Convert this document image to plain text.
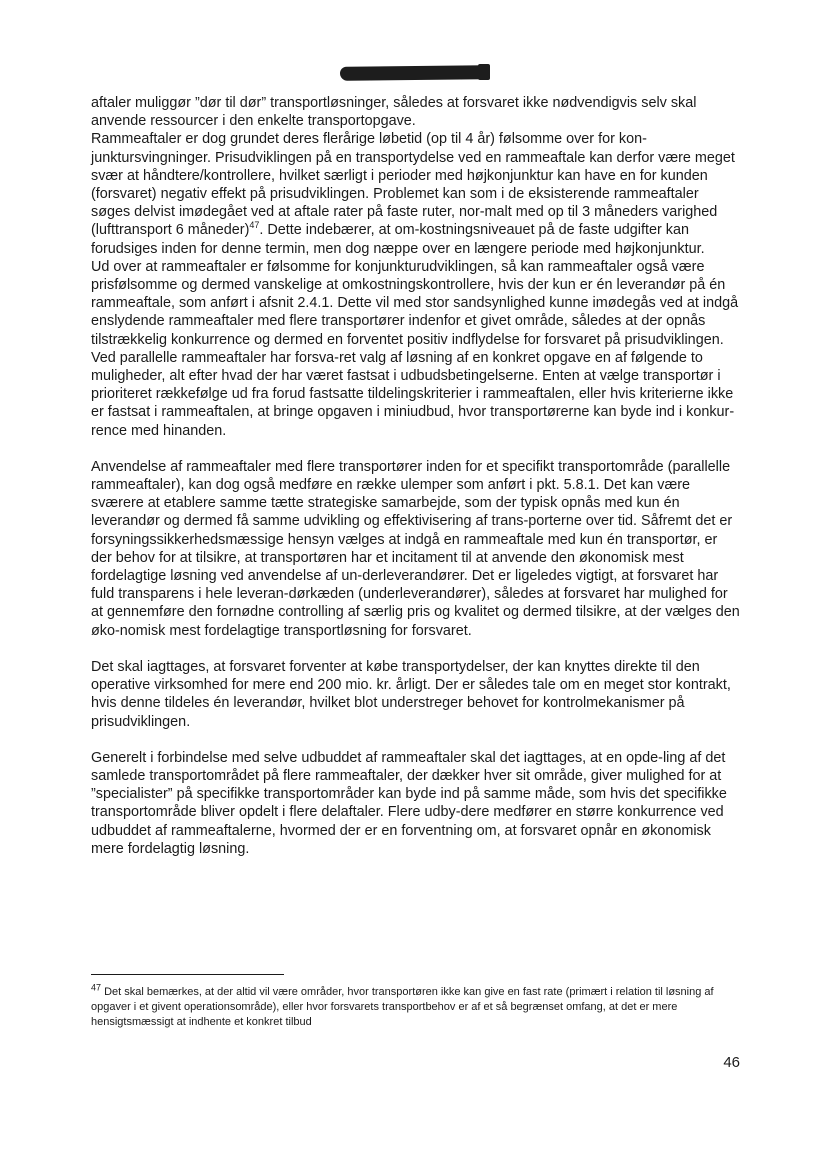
aftaler muliggør ”dør til dør” transportløsninger, således at forsvaret ikke nødvendigvis selv skal anvende ressourcer i den enkelte transportopgave.
Rammeaftaler er dog grundet deres flerårige løbetid (op til 4 år) følsomme over for kon-junktursvingninger. Prisudviklingen på en transportydelse ved en rammeaftale kan derfor være meget svær at håndtere/kontrollere, hvilket særligt i perioder med højkonjunktur kan have en for kunden (forsvaret) negativ effekt på prisudviklingen. Problemet kan som i de eksisterende rammeaftaler søges delvist imødegået ved at aftale rater på faste ruter, nor-malt med op til 3 måneders varighed (lufttransport 6 måneder)$^{47}$. Dette indebærer, at om-kostningsniveauet på de faste udgifter kan forudsiges inden for denne termin, men dog næppe over en længere periode med højkonjunktur.
Ud over at rammeaftaler er følsomme for konjunkturudviklingen, så kan rammeaftaler også være prisfølsomme og dermed vanskelige at omkostningskontrollere, hvis der kun er én leverandør på én rammeaftale, som anført i afsnit 2.4.1. Dette vil med stor sandsynlighed kunne imødegås ved at indgå enslydende rammeaftaler med flere transportører indenfor et givet område, således at der opnås tilstrækkelig konkurrence og dermed en forventet positiv indflydelse for forsvaret på prisudviklingen. Ved parallelle rammeaftaler har forsva-ret valg af løsning af en konkret opgave en af følgende to muligheder, alt efter hvad der har været fastsat i udbudsbetingelserne. Enten at vælge transportør i prioriteret rækkefølge ud fra forud fastsatte tildelingskriterier i rammeaftalen, eller hvis kriterierne ikke er fastsat i rammeaftalen, at bringe opgaven i miniudbud, hvor transportørerne kan byde ind i konkur-rence med hinanden.

Anvendelse af rammeaftaler med flere transportører inden for et specifikt transportområde (parallelle rammeaftaler), kan dog også medføre en række ulemper som anført i pkt. 5.8.1. Det kan være sværere at etablere samme tætte strategiske samarbejde, som der typisk opnås med kun én leverandør og dermed få samme udvikling og effektivisering af trans-porterne over tid. Såfremt det er forsyningssikkerhedsmæssige hensyn vælges at indgå en rammeaftale med kun én transportør, er der behov for at tilsikre, at transportøren har et incitament til at anvende den økonomisk mest fordelagtige løsning ved anvendelse af un-derleverandører. Det er ligeledes vigtigt, at forsvaret har fuld transparens i hele leveran-dørkæden (underleverandører), således at forsvaret har mulighed for at gennemføre den fornødne controlling af særlig pris og kvalitet og dermed tilsikre, at der vælges den øko-nomisk mest fordelagtige transportløsning for forsvaret.

Det skal iagttages, at forsvaret forventer at købe transportydelser, der kan knyttes direkte til den operative virksomhed for mere end 200 mio. kr. årligt. Der er således tale om en meget stor kontrakt, hvis denne tildeles én leverandør, hvilket blot understreger behovet for kontrolmekanismer på prisudviklingen.

Generelt i forbindelse med selve udbuddet af rammeaftaler skal det iagttages, at en opde-ling af det samlede transportområdet på flere rammeaftaler, der dækker hver sit område, giver mulighed for at ”specialister” på specifikke transportområder kan byde ind på samme måde, som hvis det specifikke transportområde bliver opdelt i flere delaftaler. Flere udby-dere medfører en større konkurrence ved udbuddet af rammeaftalerne, hvormed der er en forventning om, at forsvaret opnår en økonomisk mere fordelagtig løsning.

$^{47}$ Det skal bemærkes, at der altid vil være områder, hvor transportøren ikke kan give en fast rate (primært i relation til løsning af opgaver i et givent operationsområde), eller hvor forsvarets transportbehov er af et så begrænset omfang, at det er mere hensigtsmæssigt at indhente et konkret tilbud
46
